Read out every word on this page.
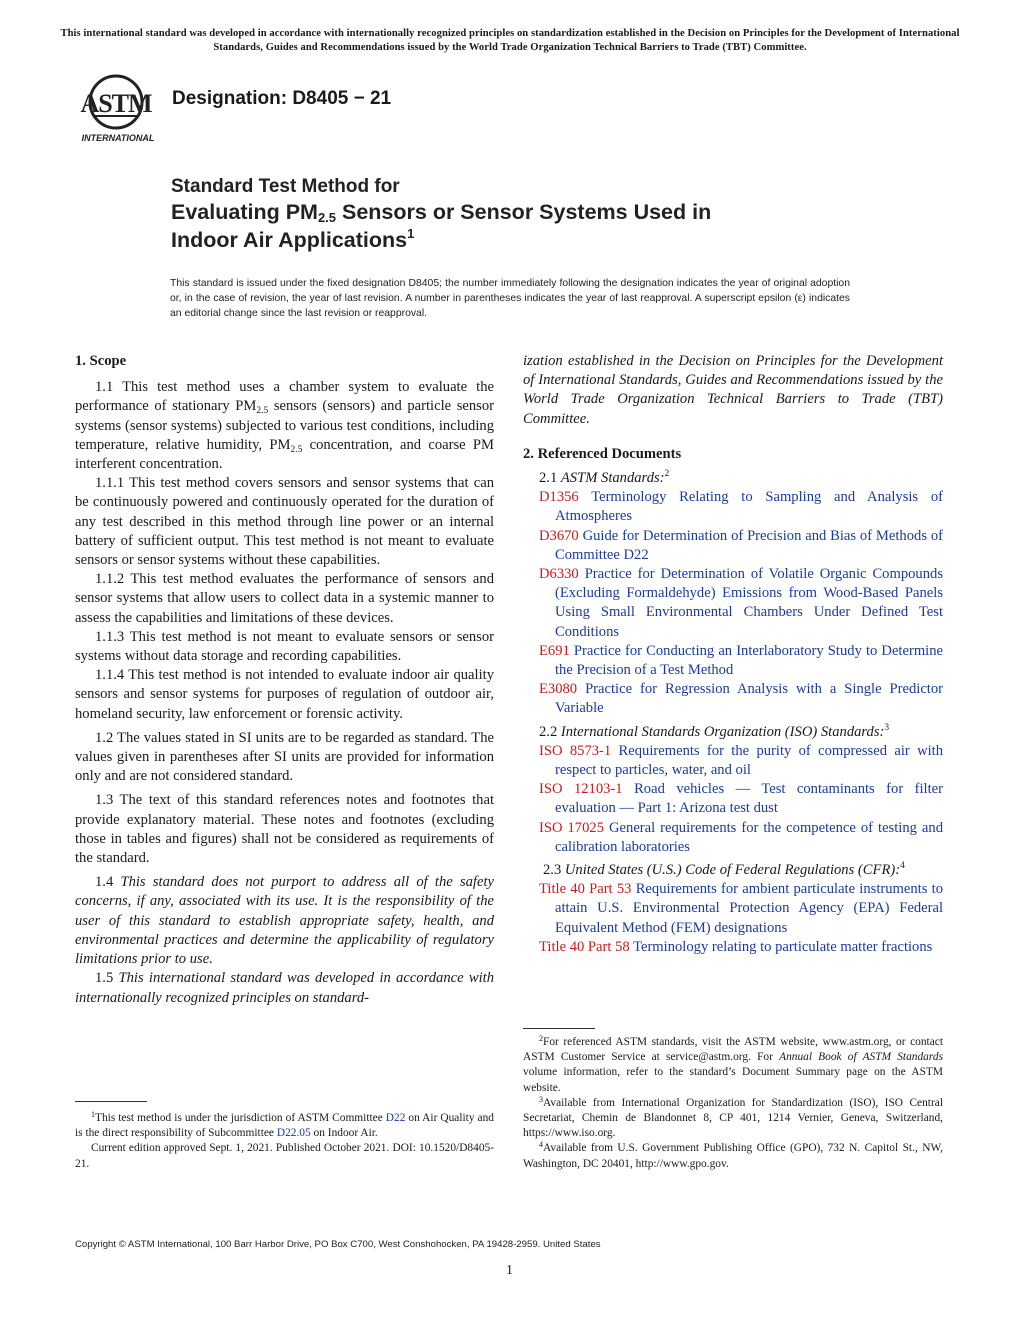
This international standard was developed in accordance with internationally recognized principles on standardization established in the Decision on Principles for the Development of International Standards, Guides and Recommendations issued by the World Trade Organization Technical Barriers to Trade (TBT) Committee.
ASTM
INTERNATIONAL
Designation: D8405 − 21
Standard Test Method for
Evaluating $PM_{2.5}$ Sensors or Sensor Systems Used in
Indoor Air Applications$^1$
This standard is issued under the fixed designation D8405; the number immediately following the designation indicates the year of original adoption or, in the case of revision, the year of last revision. A number in parentheses indicates the year of last reapproval. A superscript epsilon (ε) indicates an editorial change since the last revision or reapproval.

1. Scope

1.1 This test method uses a chamber system to evaluate the performance of stationary $PM_{2.5}$ sensors (sensors) and particle sensor systems (sensor systems) subjected to various test conditions, including temperature, relative humidity, $PM_{2.5}$ concentration, and coarse PM interferent concentration.

1.1.1 This test method covers sensors and sensor systems that can be continuously powered and continuously operated for the duration of any test described in this method through line power or an internal battery of sufficient output. This test method is not meant to evaluate sensors or sensor systems without these capabilities.

1.1.2 This test method evaluates the performance of sensors and sensor systems that allow users to collect data in a systemic manner to assess the capabilities and limitations of these devices.

1.1.3 This test method is not meant to evaluate sensors or sensor systems without data storage and recording capabilities.

1.1.4 This test method is not intended to evaluate indoor air quality sensors and sensor systems for purposes of regulation of outdoor air, homeland security, law enforcement or forensic activity.

1.2 The values stated in SI units are to be regarded as standard. The values given in parentheses after SI units are provided for information only and are not considered standard.

1.3 The text of this standard references notes and footnotes that provide explanatory material. These notes and footnotes (excluding those in tables and figures) shall not be considered as requirements of the standard.

1.4 This standard does not purport to address all of the safety concerns, if any, associated with its use. It is the responsibility of the user of this standard to establish appropriate safety, health, and environmental practices and determine the applicability of regulatory limitations prior to use.

1.5 This international standard was developed in accordance with internationally recognized principles on standard-

$^1$This test method is under the jurisdiction of ASTM Committee D22 on Air Quality and is the direct responsibility of Subcommittee D22.05 on Indoor Air.

Current edition approved Sept. 1, 2021. Published October 2021. DOI: 10.1520/D8405-21.

ization established in the Decision on Principles for the Development of International Standards, Guides and Recommendations issued by the World Trade Organization Technical Barriers to Trade (TBT) Committee.

2. Referenced Documents

2.1 ASTM Standards:$^2$

D1356 Terminology Relating to Sampling and Analysis of Atmospheres

D3670 Guide for Determination of Precision and Bias of Methods of Committee D22

D6330 Practice for Determination of Volatile Organic Compounds (Excluding Formaldehyde) Emissions from Wood-Based Panels Using Small Environmental Chambers Under Defined Test Conditions

E691 Practice for Conducting an Interlaboratory Study to Determine the Precision of a Test Method

E3080 Practice for Regression Analysis with a Single Predictor Variable

2.2 International Standards Organization (ISO) Standards:$^3$

ISO 8573-1 Requirements for the purity of compressed air with respect to particles, water, and oil

ISO 12103-1 Road vehicles — Test contaminants for filter evaluation — Part 1: Arizona test dust

ISO 17025 General requirements for the competence of testing and calibration laboratories

2.3 United States (U.S.) Code of Federal Regulations (CFR):$^4$

Title 40 Part 53 Requirements for ambient particulate instruments to attain U.S. Environmental Protection Agency (EPA) Federal Equivalent Method (FEM) designations

Title 40 Part 58 Terminology relating to particulate matter fractions

$^2$For referenced ASTM standards, visit the ASTM website, www.astm.org, or contact ASTM Customer Service at service@astm.org. For Annual Book of ASTM Standards volume information, refer to the standard’s Document Summary page on the ASTM website.

$^3$Available from International Organization for Standardization (ISO), ISO Central Secretariat, Chemin de Blandonnet 8, CP 401, 1214 Vernier, Geneva, Switzerland, https://www.iso.org.

$^4$Available from U.S. Government Publishing Office (GPO), 732 N. Capitol St., NW, Washington, DC 20401, http://www.gpo.gov.

Copyright © ASTM International, 100 Barr Harbor Drive, PO Box C700, West Conshohocken, PA 19428-2959. United States
1
